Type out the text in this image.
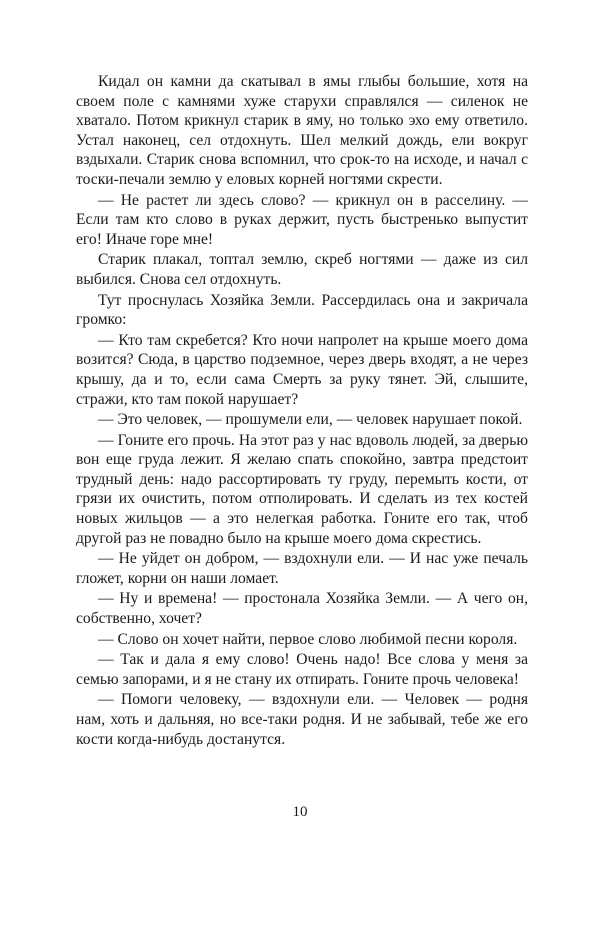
Кидал он камни да скатывал в ямы глыбы большие, хотя на своем поле с камнями хуже старухи справлялся — силенок не хватало. Потом крикнул старик в яму, но только эхо ему ответило. Устал наконец, сел отдохнуть. Шел мелкий дождь, ели вокруг вздыхали. Старик снова вспомнил, что срок-то на исходе, и начал с тоски-печали землю у еловых корней ногтями скрести.

— Не растет ли здесь слово? — крикнул он в расселину. — Если там кто слово в руках держит, пусть быстренько выпустит его! Иначе горе мне!

Старик плакал, топтал землю, скреб ногтями — даже из сил выбился. Снова сел отдохнуть.

Тут проснулась Хозяйка Земли. Рассердилась она и закричала громко:

— Кто там скребется? Кто ночи напролет на крыше моего дома возится? Сюда, в царство подземное, через дверь входят, а не через крышу, да и то, если сама Смерть за руку тянет. Эй, слышите, стражи, кто там покой нарушает?

— Это человек, — прошумели ели, — человек нарушает покой.

— Гоните его прочь. На этот раз у нас вдоволь людей, за дверью вон еще груда лежит. Я желаю спать спокойно, завтра предстоит трудный день: надо рассортировать ту груду, перемыть кости, от грязи их очистить, потом отполировать. И сделать из тех костей новых жильцов — а это нелегкая работка. Гоните его так, чтоб другой раз не повадно было на крыше моего дома скрестись.

— Не уйдет он добром, — вздохнули ели. — И нас уже печаль гложет, корни он наши ломает.

— Ну и времена! — простонала Хозяйка Земли. — А чего он, собственно, хочет?

— Слово он хочет найти, первое слово любимой песни короля.

— Так и дала я ему слово! Очень надо! Все слова у меня за семью запорами, и я не стану их отпирать. Гоните прочь человека!

— Помоги человеку, — вздохнули ели. — Человек — родня нам, хоть и дальняя, но все-таки родня. И не забывай, тебе же его кости когда-нибудь достанутся.

10
